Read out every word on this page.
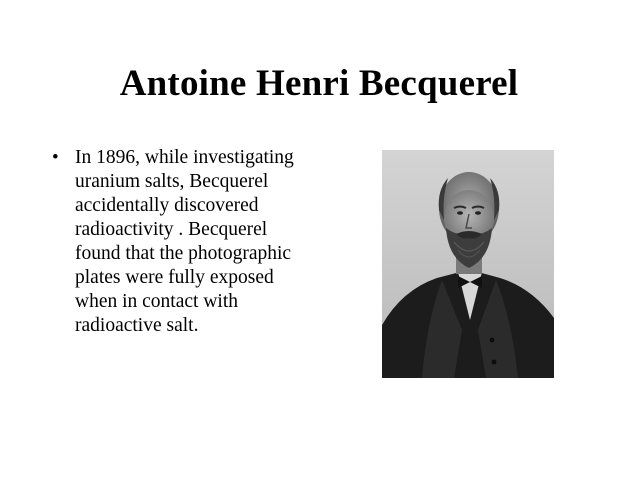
Antoine Henri Becquerel
• In 1896, while investigating
uranium salts, Becquerel
accidentally discovered
radioactivity . Becquerel
found that the photographic
plates were fully exposed
when in contact with
radioactive salt.
